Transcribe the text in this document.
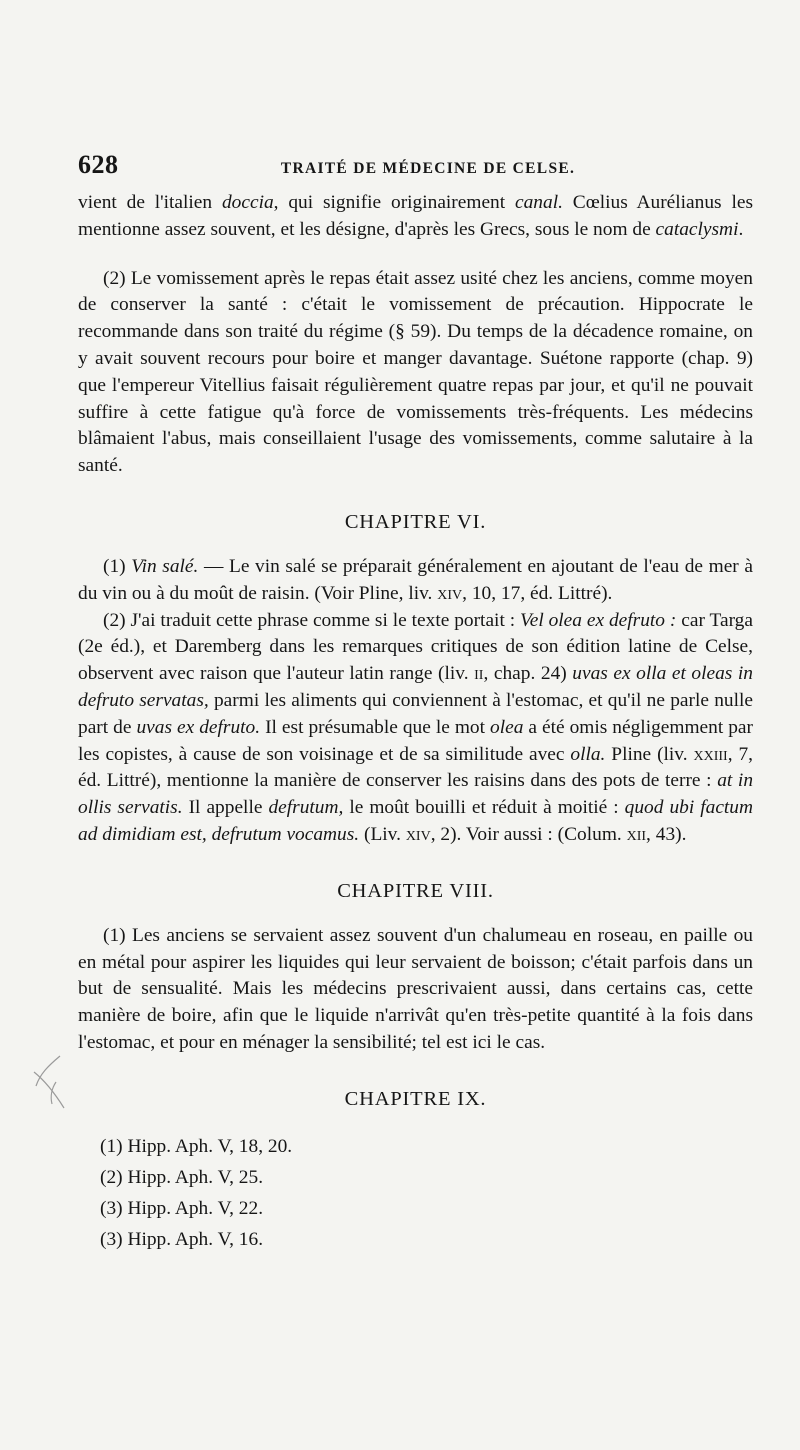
628	TRAITÉ DE MÉDECINE DE CELSE.

vient de l'italien doccia, qui signifie originairement canal. Cœlius Aurélianus les mentionne assez souvent, et les désigne, d'après les Grecs, sous le nom de cataclysmi.

(2) Le vomissement après le repas était assez usité chez les anciens, comme moyen de conserver la santé : c'était le vomissement de précaution. Hippocrate le recommande dans son traité du régime (§ 59). Du temps de la décadence romaine, on y avait souvent recours pour boire et manger davantage. Suétone rapporte (chap. 9) que l'empereur Vitellius faisait régulièrement quatre repas par jour, et qu'il ne pouvait suffire à cette fatigue qu'à force de vomissements très-fréquents. Les médecins blâmaient l'abus, mais conseillaient l'usage des vomissements, comme salutaire à la santé.

CHAPITRE VI.

(1) Vin salé. — Le vin salé se préparait généralement en ajoutant de l'eau de mer à du vin ou à du moût de raisin. (Voir Pline, liv. xiv, 10, 17, éd. Littré).

(2) J'ai traduit cette phrase comme si le texte portait : Vel olea ex defruto : car Targa (2e éd.), et Daremberg dans les remarques critiques de son édition latine de Celse, observent avec raison que l'auteur latin range (liv. ii, chap. 24) uvas ex olla et oleas in defruto servatas, parmi les aliments qui conviennent à l'estomac, et qu'il ne parle nulle part de uvas ex defruto. Il est présumable que le mot olea a été omis négligemment par les copistes, à cause de son voisinage et de sa similitude avec olla. Pline (liv. xxiii, 7, éd. Littré), mentionne la manière de conserver les raisins dans des pots de terre : at in ollis servatis. Il appelle defrutum, le moût bouilli et réduit à moitié : quod ubi factum ad dimidiam est, defrutum vocamus. (Liv. xiv, 2). Voir aussi : (Colum. xii, 43).

CHAPITRE VIII.

(1) Les anciens se servaient assez souvent d'un chalumeau en roseau, en paille ou en métal pour aspirer les liquides qui leur servaient de boisson; c'était parfois dans un but de sensualité. Mais les médecins prescrivaient aussi, dans certains cas, cette manière de boire, afin que le liquide n'arrivât qu'en très-petite quantité à la fois dans l'estomac, et pour en ménager la sensibilité; tel est ici le cas.

CHAPITRE IX.
(1) Hipp. Aph. V, 18, 20.
(2) Hipp. Aph. V, 25.
(3) Hipp. Aph. V, 22.
(3) Hipp. Aph. V, 16.
